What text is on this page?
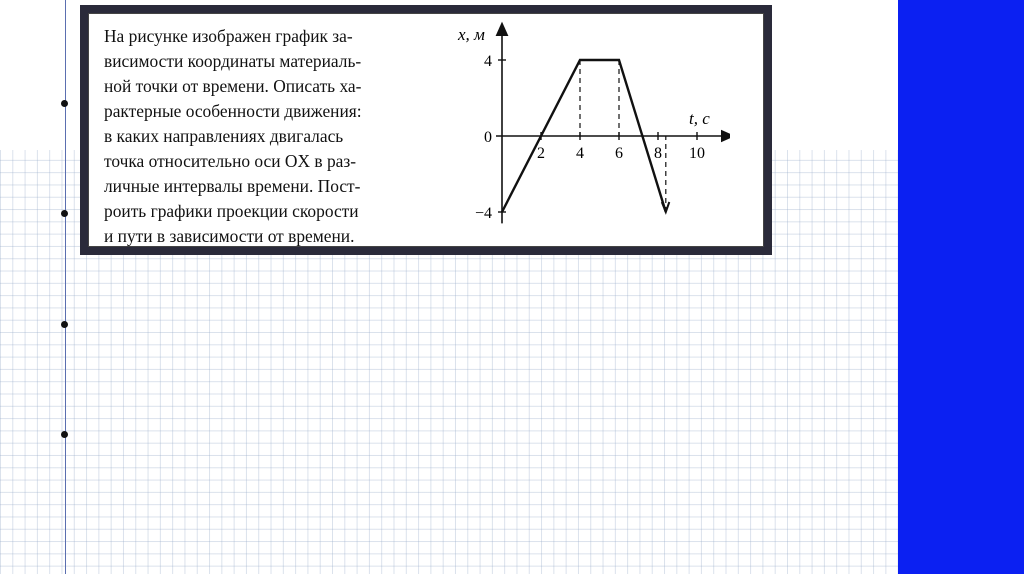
На рисунке изображен график за-
висимости координаты материаль-
ной точки от времени. Описать ха-
рактерные особенности движения:
в каких направлениях двигалась
точка относительно оси OX в раз-
личные интервалы времени. Пост-
роить графики проекции скорости
и пути в зависимости от времени.
x, м
t, с
4
0
−4
2 4 6 8 10
